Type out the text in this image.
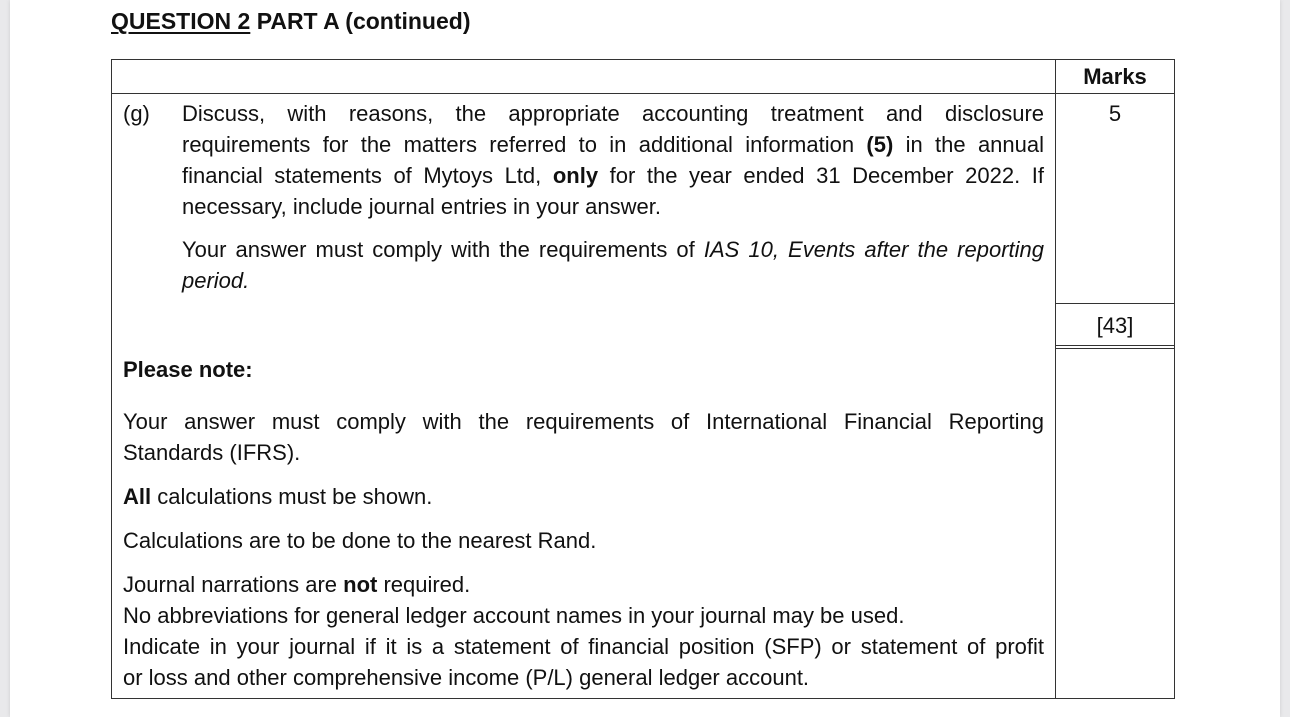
QUESTION 2 PART A (continued)
Marks
(g) Discuss, with reasons, the appropriate accounting treatment and disclosure
requirements for the matters referred to in additional information (5) in the annual
financial statements of Mytoys Ltd, only for the year ended 31 December 2022. If
necessary, include journal entries in your answer.
Your answer must comply with the requirements of IAS 10, Events after the reporting
period.
5
[43]
Please note:
Your answer must comply with the requirements of International Financial Reporting
Standards (IFRS).
All calculations must be shown.
Calculations are to be done to the nearest Rand.
Journal narrations are not required.
No abbreviations for general ledger account names in your journal may be used.
Indicate in your journal if it is a statement of financial position (SFP) or statement of profit
or loss and other comprehensive income (P/L) general ledger account.
